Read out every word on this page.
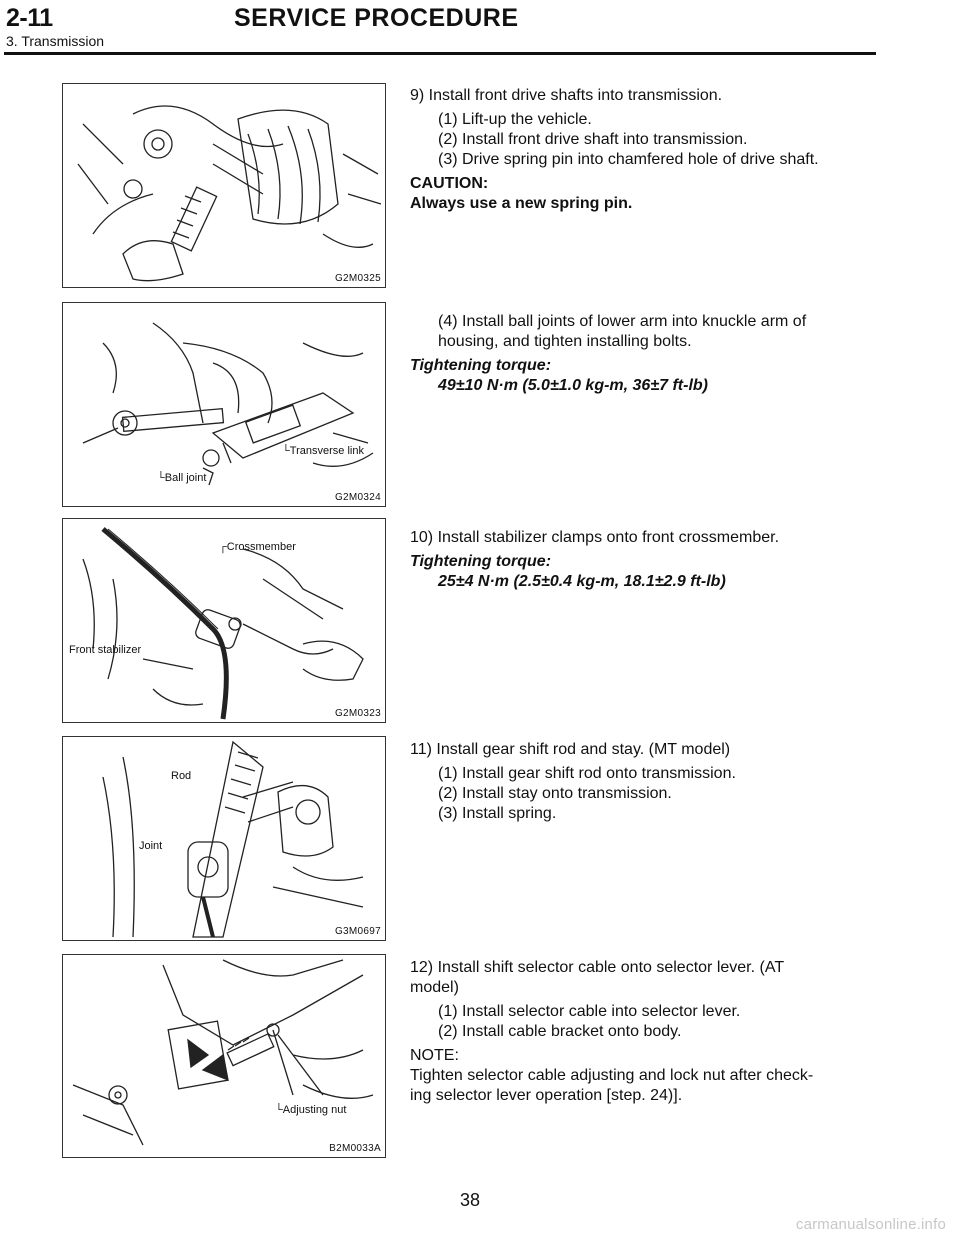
2-11	SERVICE PROCEDURE
3. Transmission
G2M0325
└Transverse link
└Ball joint
G2M0324
┌Crossmember
Front stabilizer
G2M0323
Rod
Joint
G3M0697
└Adjusting nut
B2M0033A

9) Install front drive shafts into transmission.

(1) Lift-up the vehicle.

(2) Install front drive shaft into transmission.

(3) Drive spring pin into chamfered hole of drive shaft.

CAUTION:

Always use a new spring pin.

(4) Install ball joints of lower arm into knuckle arm of

housing, and tighten installing bolts.

Tightening torque:

49±10 N·m (5.0±1.0 kg-m, 36±7 ft-lb)

10) Install stabilizer clamps onto front crossmember.

Tightening torque:

25±4 N·m (2.5±0.4 kg-m, 18.1±2.9 ft-lb)

11) Install gear shift rod and stay. (MT model)

(1) Install gear shift rod onto transmission.

(2) Install stay onto transmission.

(3) Install spring.

12) Install shift selector cable onto selector lever. (AT

model)

(1) Install selector cable into selector lever.

(2) Install cable bracket onto body.

NOTE:

Tighten selector cable adjusting and lock nut after check-

ing selector lever operation [step. 24)].

38
carmanualsonline.info
